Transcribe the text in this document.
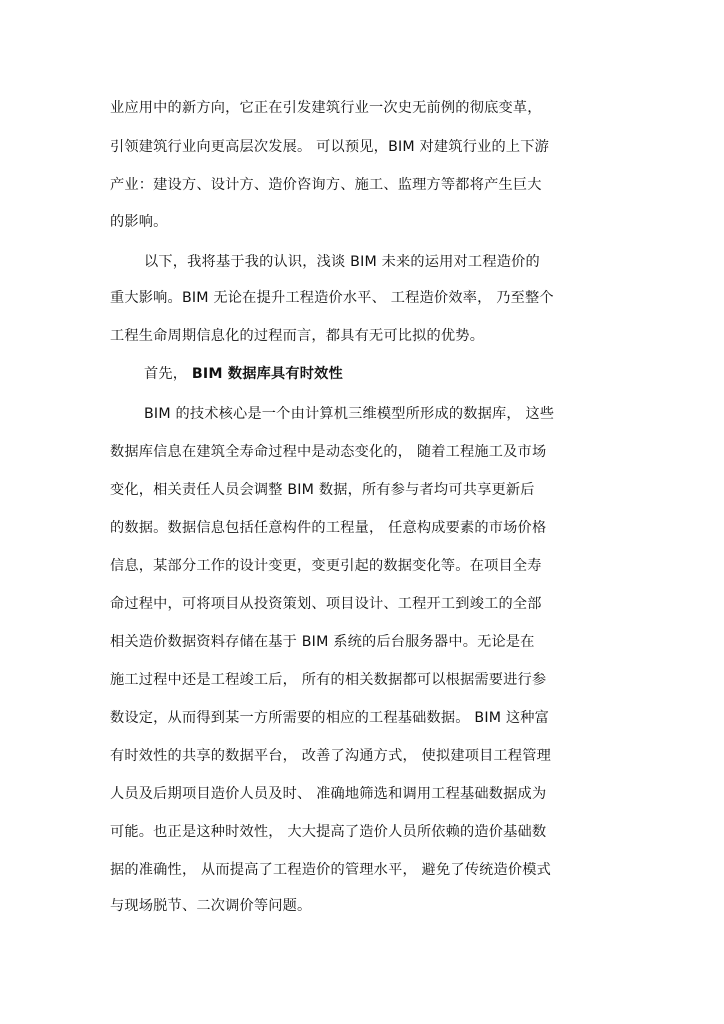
业应用中的新方向，它正在引发建筑行业一次史无前例的彻底变革，
引领建筑行业向更高层次发展。 可以预见，BIM 对建筑行业的上下游
产业：建设方、设计方、造价咨询方、施工、监理方等都将产生巨大
的影响。
以下，我将基于我的认识，浅谈 BIM 未来的运用对工程造价的
重大影响。BIM 无论在提升工程造价水平、 工程造价效率， 乃至整个
工程生命周期信息化的过程而言，都具有无可比拟的优势。
首先， BIM 数据库具有时效性
BIM 的技术核心是一个由计算机三维模型所形成的数据库， 这些
数据库信息在建筑全寿命过程中是动态变化的， 随着工程施工及市场
变化，相关责任人员会调整 BIM 数据，所有参与者均可共享更新后
的数据。数据信息包括任意构件的工程量， 任意构成要素的市场价格
信息，某部分工作的设计变更，变更引起的数据变化等。在项目全寿
命过程中，可将项目从投资策划、项目设计、工程开工到竣工的全部
相关造价数据资料存储在基于 BIM 系统的后台服务器中。无论是在
施工过程中还是工程竣工后， 所有的相关数据都可以根据需要进行参
数设定，从而得到某一方所需要的相应的工程基础数据。 BIM 这种富
有时效性的共享的数据平台， 改善了沟通方式， 使拟建项目工程管理
人员及后期项目造价人员及时、 准确地筛选和调用工程基础数据成为
可能。也正是这种时效性， 大大提高了造价人员所依赖的造价基础数
据的准确性， 从而提高了工程造价的管理水平， 避免了传统造价模式
与现场脱节、二次调价等问题。
